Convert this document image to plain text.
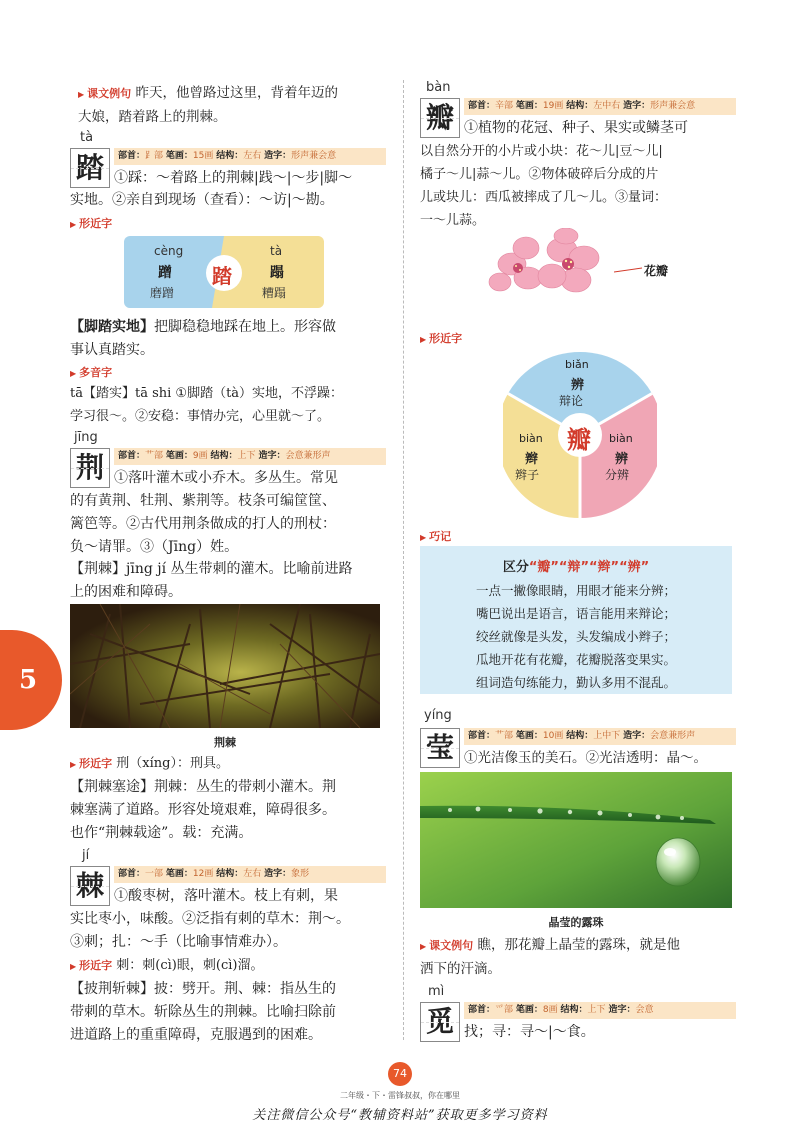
5
▶ 课文例句 昨天，他曾路过这里，背着年迈的
大娘，踏着路上的荆棘。
tà
踏	部首：⻊部 笔画：15画 结构：左右 造字：形声兼会意
①踩：～着路上的荆棘|践～|～步|脚～
实地。②亲自到现场（查看）：～访|～勘。
▶ 形近字
踏
cèng
蹭
磨蹭
tà
蹋
糟蹋
【脚踏实地】把脚稳稳地踩在地上。形容做
事认真踏实。
▶ 多音字
tā【踏实】tā shi ①脚踏（tà）实地，不浮躁：
学习很～。②安稳：事情办完，心里就～了。
jīng
荆	部首：艹部 笔画：9画 结构：上下 造字：会意兼形声
①落叶灌木或小乔木。多丛生。常见
的有黄荆、牡荆、紫荆等。枝条可编筐筐、
篱笆等。②古代用荆条做成的打人的刑杖：
负～请罪。③（Jīng）姓。
【荆棘】jīng jí 丛生带刺的灌木。比喻前进路
上的困难和障碍。
荆棘
▶ 形近字 刑（xíng）：刑具。
【荆棘塞途】荆棘：丛生的带刺小灌木。荆
棘塞满了道路。形容处境艰难，障碍很多。
也作“荆棘载途”。载：充满。
jí
棘	部首：一部 笔画：12画 结构：左右 造字：象形
①酸枣树，落叶灌木。枝上有刺，果
实比枣小，味酸。②泛指有刺的草木：荆～。
③刺；扎：～手（比喻事情难办）。
▶ 形近字 刺：刺(cì)眼，刺(cì)溜。
【披荆斩棘】披：劈开。荆、棘：指丛生的
带刺的草木。斩除丛生的荆棘。比喻扫除前
进道路上的重重障碍，克服遇到的困难。
bàn
瓣	部首：辛部 笔画：19画 结构：左中右 造字：形声兼会意
①植物的花冠、种子、果实或鳞茎可
以自然分开的小片或小块：花～儿|豆～儿|
橘子～儿|蒜～儿。②物体破碎后分成的片
儿或块儿：西瓜被摔成了几～儿。③量词：
一～儿蒜。
花瓣
▶ 形近字
瓣
biǎn
辨
辩论
biàn
辫
辫子
biàn
辨
分辨
▶ 巧记
区分“瓣”“辩”“辫”“辨”
一点一撇像眼睛，用眼才能来分辨；
嘴巴说出是语言，语言能用来辩论；
绞丝就像是头发，头发编成小辫子；
瓜地开花有花瓣，花瓣脱落变果实。
组词造句练能力，勤认多用不混乱。
yíng
莹	部首：艹部 笔画：10画 结构：上中下 造字：会意兼形声
①光洁像玉的美石。②光洁透明：晶～。
晶莹的露珠
▶ 课文例句 瞧，那花瓣上晶莹的露珠，就是他
洒下的汗滴。
mì
觅	部首：爫部 笔画：8画 结构：上下 造字：会意
找；寻：寻～|～食。
74
二年级・下・雷锋叔叔，你在哪里
关注微信公众号“教辅资料站”获取更多学习资料
